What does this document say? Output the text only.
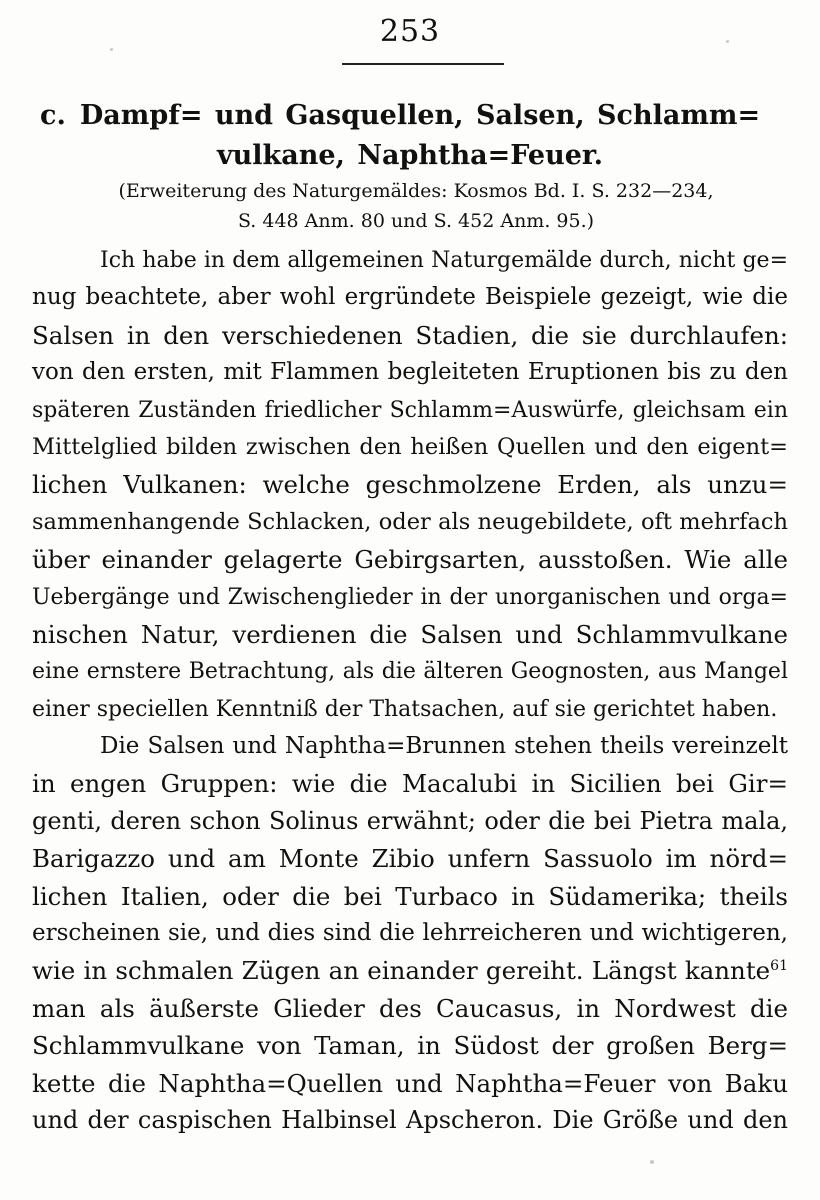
253
c. Dampf= und Gasquellen, Salsen, Schlamm=
vulkane, Naphtha=Feuer.
(Erweiterung des Naturgemäldes: Kosmos Bd. I. S. 232—234,
S. 448 Anm. 80 und S. 452 Anm. 95.)
Ich habe in dem allgemeinen Naturgemälde durch, nicht ge=
nug beachtete, aber wohl ergründete Beispiele gezeigt, wie die
Salsen in den verschiedenen Stadien, die sie durchlaufen:
von den ersten, mit Flammen begleiteten Eruptionen bis zu den
späteren Zuständen friedlicher Schlamm=Auswürfe, gleichsam ein
Mittelglied bilden zwischen den heißen Quellen und den eigent=
lichen Vulkanen: welche geschmolzene Erden, als unzu=
sammenhangende Schlacken, oder als neugebildete, oft mehrfach
über einander gelagerte Gebirgsarten, ausstoßen. Wie alle
Uebergänge und Zwischenglieder in der unorganischen und orga=
nischen Natur, verdienen die Salsen und Schlammvulkane
eine ernstere Betrachtung, als die älteren Geognosten, aus Mangel
einer speciellen Kenntniß der Thatsachen, auf sie gerichtet haben.
Die Salsen und Naphtha=Brunnen stehen theils vereinzelt
in engen Gruppen: wie die Macalubi in Sicilien bei Gir=
genti, deren schon Solinus erwähnt; oder die bei Pietra mala,
Barigazzo und am Monte Zibio unfern Sassuolo im nörd=
lichen Italien, oder die bei Turbaco in Südamerika; theils
erscheinen sie, und dies sind die lehrreicheren und wichtigeren,
wie in schmalen Zügen an einander gereiht. Längst kannte$^{61}$
man als äußerste Glieder des Caucasus, in Nordwest die
Schlammvulkane von Taman, in Südost der großen Berg=
kette die Naphtha=Quellen und Naphtha=Feuer von Baku
und der caspischen Halbinsel Apscheron. Die Größe und den
